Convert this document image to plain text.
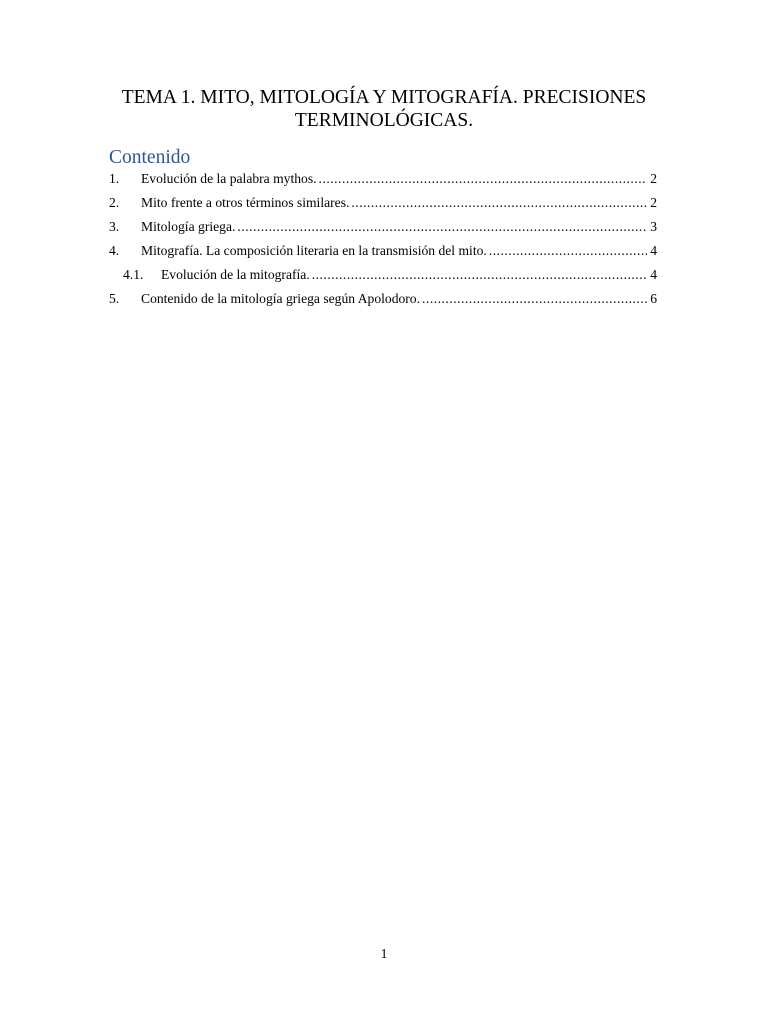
TEMA 1. MITO, MITOLOGÍA Y MITOGRAFÍA. PRECISIONES
TERMINOLÓGICAS.
Contenido
1.	Evolución de la palabra mythos. .....	2
2.	Mito frente a otros términos similares. .....	2
3.	Mitología griega. .....	3
4.	Mitografía. La composición literaria en la transmisión del mito. .....	4
4.1.	Evolución de la mitografía. .....	4
5.	Contenido de la mitología griega según Apolodoro. .....	6
1
